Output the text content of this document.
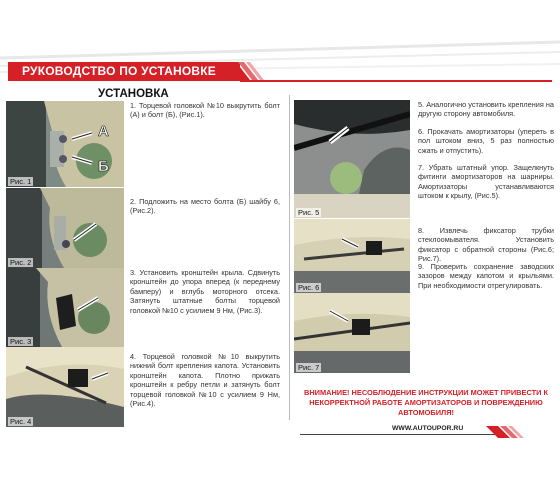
РУКОВОДСТВО ПО УСТАНОВКЕ
УСТАНОВКА
А
Б
Рис. 1
Рис. 2
Рис. 3
Рис. 4
1. Торцевой головкой №10 выкрутить болт (А) и болт (Б), (Рис.1).
2. Подложить на место болта (Б) шайбу 6, (Рис.2).
3. Установить кронштейн крыла. Сдвинуть кронштейн до упора вперед (к переднему бамперу) и вглубь моторного отсека. Затянуть штатные болты торцевой головкой №10 с усилием 9 Нм, (Рис.3).
4. Торцевой головкой №10 выкрутить нижний болт крепления капота. Установить кронштейн капота. Плотно прижать кронштейн к ребру петли и затянуть болт торцевой головкой №10 с усилием 9 Нм, (Рис.4).
Рис. 5
Рис. 6
Рис. 7
5. Аналогично установить крепления на другую сторону автомобиля.
6. Прокачать амортизаторы (упереть в пол штоком вниз, 5 раз полностью сжать и отпустить).
7. Убрать штатный упор. Защелкнуть фитинги амортизаторов на шарниры. Амортизаторы устанавливаются штоком к крылу, (Рис.5).
8. Извлечь фиксатор трубки стеклоомывателя. Установить фиксатор с обратной стороны (Рис.6; Рис.7).
9. Проверить сохранение заводских зазоров между капотом и крыльями. При необходимости отрегулировать.
ВНИМАНИЕ! НЕСОБЛЮДЕНИЕ ИНСТРУКЦИИ МОЖЕТ ПРИВЕСТИ К НЕКОРРЕКТНОЙ РАБОТЕ АМОРТИЗАТОРОВ И ПОВРЕЖДЕНИЮ АВТОМОБИЛЯ!
WWW.AUTOUPOR.RU
